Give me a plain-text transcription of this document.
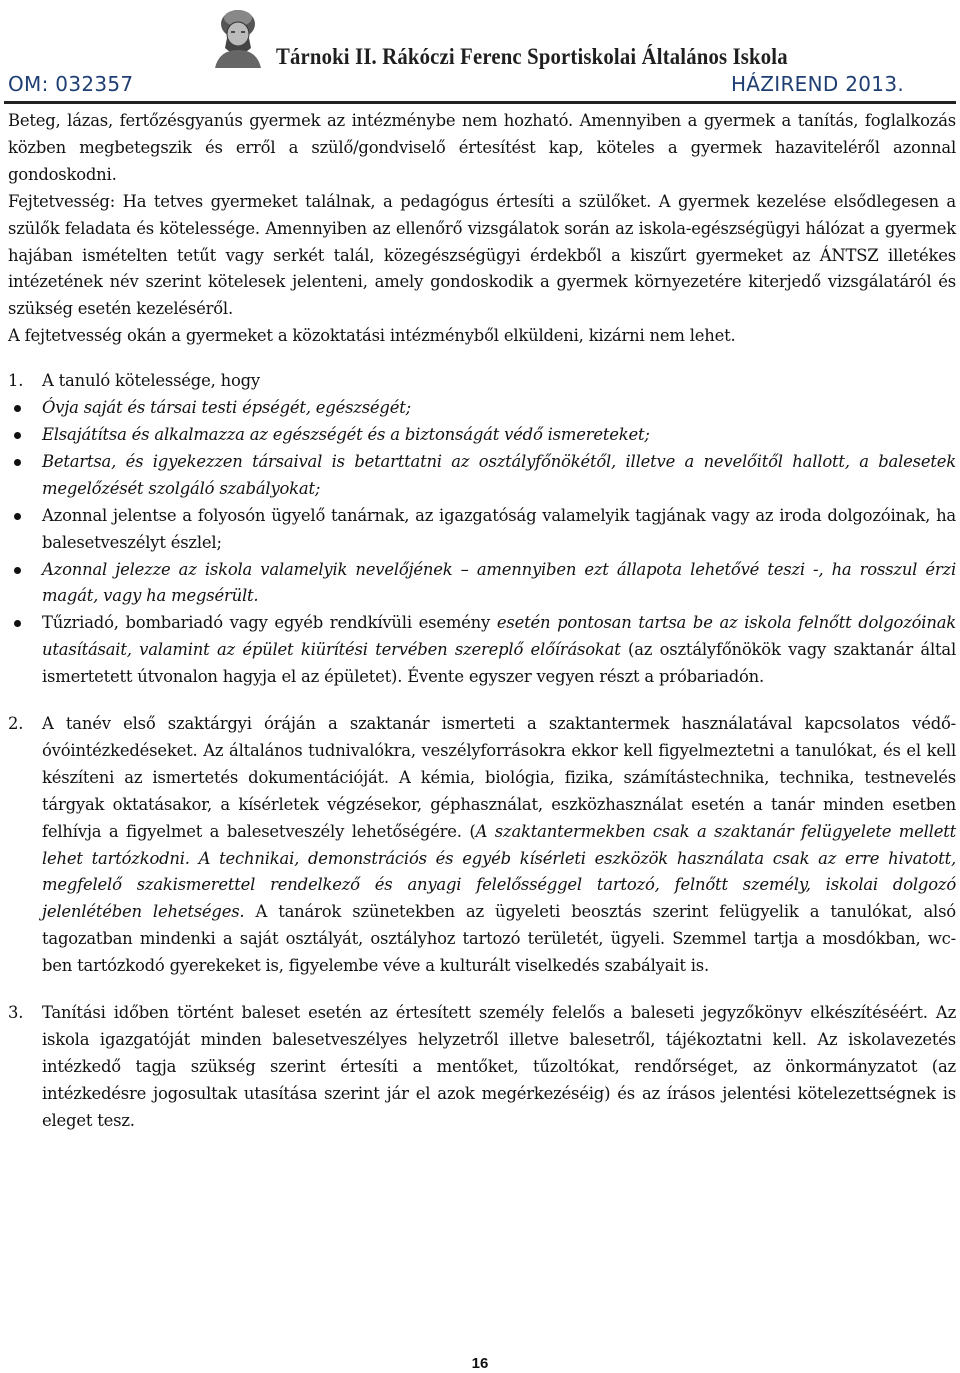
Tárnoki II. Rákóczi Ferenc Sportiskolai Általános Iskola
OM: 032357	HÁZIREND 2013.

Beteg, lázas, fertőzésgyanús gyermek az intézménybe nem hozható. Amennyiben a gyermek a tanítás, foglalkozás közben megbetegszik és erről a szülő/gondviselő értesítést kap, köteles a gyermek hazaviteléről azonnal gondoskodni.

Fejtetvesség: Ha tetves gyermeket találnak, a pedagógus értesíti a szülőket. A gyermek kezelése elsődlegesen a szülők feladata és kötelessége. Amennyiben az ellenőrő vizsgálatok során az iskola-egészségügyi hálózat a gyermek hajában ismételten tetűt vagy serkét talál, közegészségügyi érdekből a kiszűrt gyermeket az ÁNTSZ illetékes intézetének név szerint kötelesek jelenteni, amely gondoskodik a gyermek környezetére kiterjedő vizsgálatáról és szükség esetén kezeléséről.

A fejtetvesség okán a gyermeket a közoktatási intézményből elküldeni, kizárni nem lehet.

1. A tanuló kötelessége, hogy

Óvja saját és társai testi épségét, egészségét;
Elsajátítsa és alkalmazza az egészségét és a biztonságát védő ismereteket;
Betartsa, és igyekezzen társaival is betarttatni az osztályfőnökétől, illetve a nevelőitől hallott, a balesetek megelőzését szolgáló szabályokat;
Azonnal jelentse a folyosón ügyelő tanárnak, az igazgatóság valamelyik tagjának vagy az iroda dolgozóinak, ha balesetveszélyt észlel;
Azonnal jelezze az iskola valamelyik nevelőjének – amennyiben ezt állapota lehetővé teszi -, ha rosszul érzi magát, vagy ha megsérült.
Tűzriadó, bombariadó vagy egyéb rendkívüli esemény esetén pontosan tartsa be az iskola felnőtt dolgozóinak utasításait, valamint az épület kiürítési tervében szereplő előírásokat (az osztályfőnökök vagy szaktanár által ismertetett útvonalon hagyja el az épületet). Évente egyszer vegyen részt a próbariadón.

2. A tanév első szaktárgyi óráján a szaktanár ismerteti a szaktantermek használatával kapcsolatos védő-óvóintézkedéseket. Az általános tudnivalókra, veszélyforrásokra ekkor kell figyelmeztetni a tanulókat, és el kell készíteni az ismertetés dokumentációját. A kémia, biológia, fizika, számítástechnika, technika, testnevelés tárgyak oktatásakor, a kísérletek végzésekor, géphasználat, eszközhasználat esetén a tanár minden esetben felhívja a figyelmet a balesetveszély lehetőségére. (A szaktantermekben csak a szaktanár felügyelete mellett lehet tartózkodni. A technikai, demonstrációs és egyéb kísérleti eszközök használata csak az erre hivatott, megfelelő szakismerettel rendelkező és anyagi felelősséggel tartozó, felnőtt személy, iskolai dolgozó jelenlétében lehetséges. A tanárok szünetekben az ügyeleti beosztás szerint felügyelik a tanulókat, alsó tagozatban mindenki a saját osztályát, osztályhoz tartozó területét, ügyeli. Szemmel tartja a mosdókban, wc-ben tartózkodó gyerekeket is, figyelembe véve a kulturált viselkedés szabályait is.

3. Tanítási időben történt baleset esetén az értesített személy felelős a baleseti jegyzőkönyv elkészítéséért. Az iskola igazgatóját minden balesetveszélyes helyzetről illetve balesetről, tájékoztatni kell. Az iskolavezetés intézkedő tagja szükség szerint értesíti a mentőket, tűzoltókat, rendőrséget, az önkormányzatot (az intézkedésre jogosultak utasítása szerint jár el azok megérkezéséig) és az írásos jelentési kötelezettségnek is eleget tesz.

16
